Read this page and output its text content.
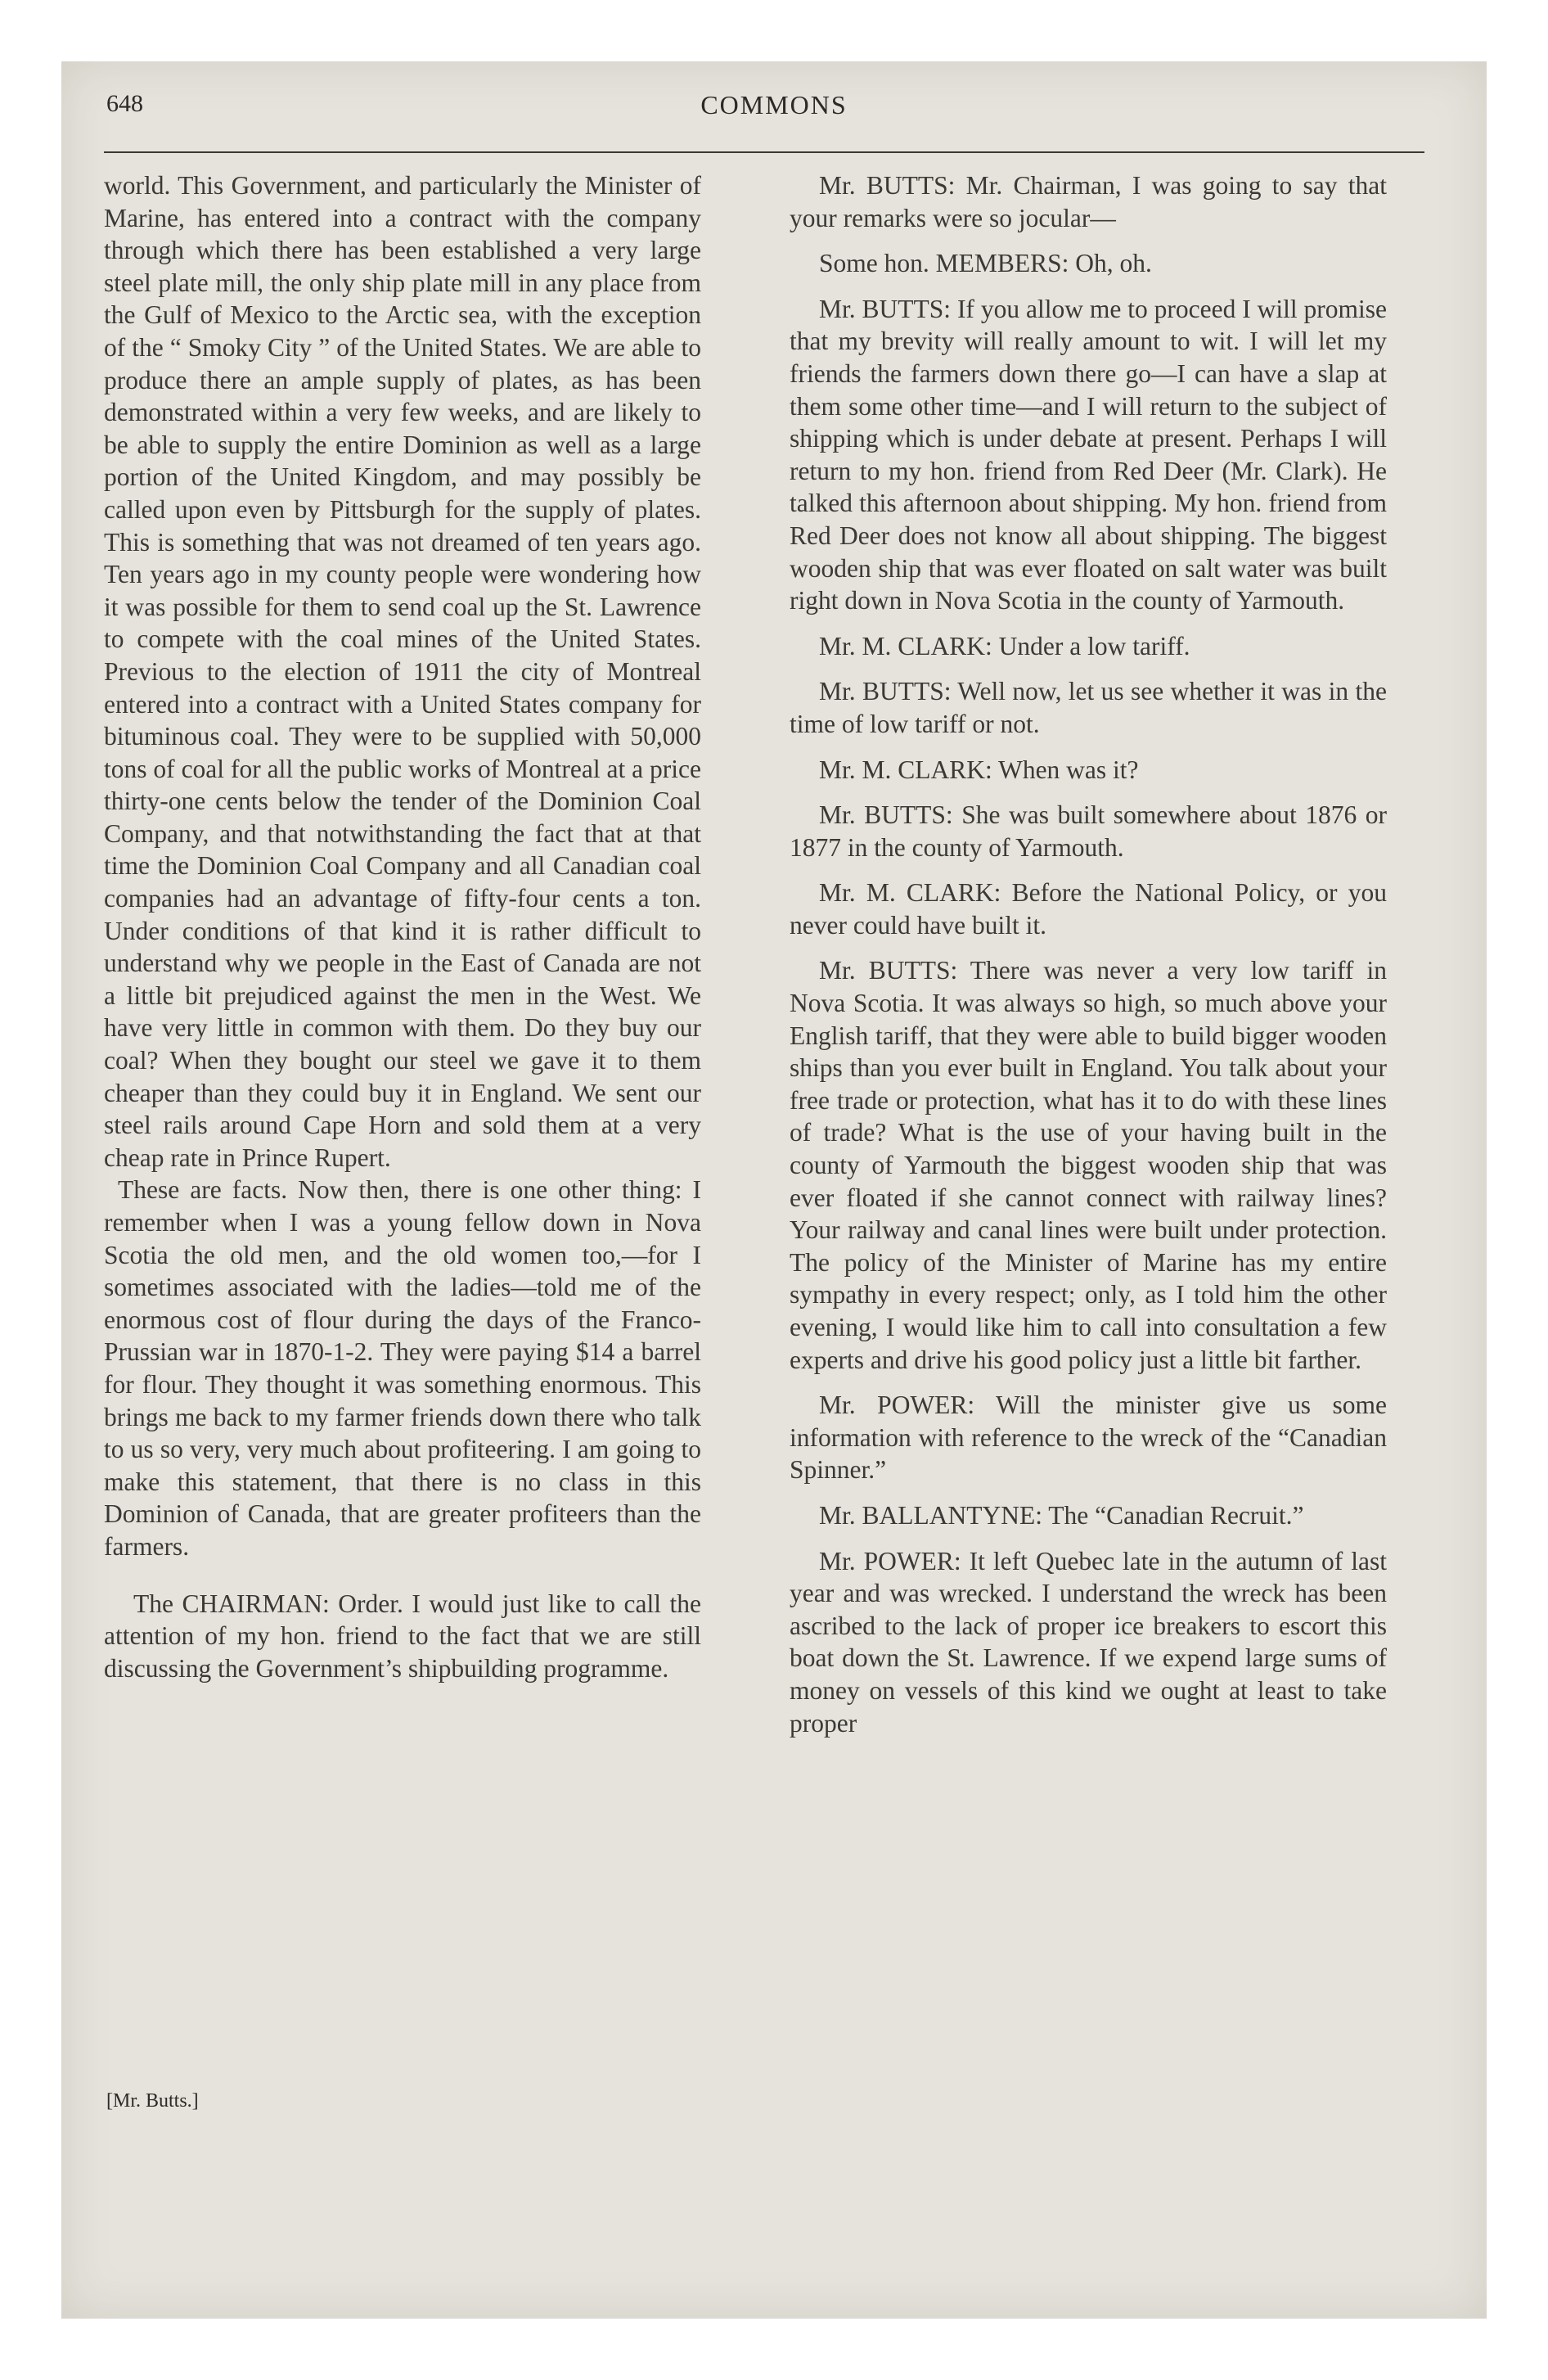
648	COMMONS

world. This Government, and particularly the Minister of Marine, has entered into a contract with the company through which there has been established a very large steel plate mill, the only ship plate mill in any place from the Gulf of Mexico to the Arctic sea, with the exception of the “ Smoky City ” of the United States. We are able to produce there an ample supply of plates, as has been demonstrated within a very few weeks, and are likely to be able to supply the entire Dominion as well as a large portion of the United Kingdom, and may possibly be called upon even by Pittsburgh for the supply of plates. This is something that was not dreamed of ten years ago. Ten years ago in my county people were wondering how it was possible for them to send coal up the St. Lawrence to compete with the coal mines of the United States. Previous to the election of 1911 the city of Montreal entered into a contract with a United States company for bituminous coal. They were to be supplied with 50,000 tons of coal for all the public works of Montreal at a price thirty-one cents below the tender of the Dominion Coal Company, and that notwithstanding the fact that at that time the Dominion Coal Company and all Canadian coal companies had an advantage of fifty-four cents a ton. Under conditions of that kind it is rather difficult to understand why we people in the East of Canada are not a little bit prejudiced against the men in the West. We have very little in common with them. Do they buy our coal? When they bought our steel we gave it to them cheaper than they could buy it in England. We sent our steel rails around Cape Horn and sold them at a very cheap rate in Prince Rupert.

These are facts. Now then, there is one other thing: I remember when I was a young fellow down in Nova Scotia the old men, and the old women too,—for I sometimes associated with the ladies—told me of the enormous cost of flour during the days of the Franco-Prussian war in 1870-1-2. They were paying $14 a barrel for flour. They thought it was something enormous. This brings me back to my farmer friends down there who talk to us so very, very much about profiteering. I am going to make this statement, that there is no class in this Dominion of Canada, that are greater profiteers than the farmers.

The CHAIRMAN: Order. I would just like to call the attention of my hon. friend to the fact that we are still discussing the Government’s shipbuilding programme.

[Mr. Butts.]

Mr. BUTTS: Mr. Chairman, I was going to say that your remarks were so jocular—

Some hon. MEMBERS: Oh, oh.

Mr. BUTTS: If you allow me to proceed I will promise that my brevity will really amount to wit. I will let my friends the farmers down there go—I can have a slap at them some other time—and I will return to the subject of shipping which is under debate at present. Perhaps I will return to my hon. friend from Red Deer (Mr. Clark). He talked this afternoon about shipping. My hon. friend from Red Deer does not know all about shipping. The biggest wooden ship that was ever floated on salt water was built right down in Nova Scotia in the county of Yarmouth.

Mr. M. CLARK: Under a low tariff.

Mr. BUTTS: Well now, let us see whether it was in the time of low tariff or not.

Mr. M. CLARK: When was it?

Mr. BUTTS: She was built somewhere about 1876 or 1877 in the county of Yarmouth.

Mr. M. CLARK: Before the National Policy, or you never could have built it.

Mr. BUTTS: There was never a very low tariff in Nova Scotia. It was always so high, so much above your English tariff, that they were able to build bigger wooden ships than you ever built in England. You talk about your free trade or protection, what has it to do with these lines of trade? What is the use of your having built in the county of Yarmouth the biggest wooden ship that was ever floated if she cannot connect with railway lines? Your railway and canal lines were built under protection. The policy of the Minister of Marine has my entire sympathy in every respect; only, as I told him the other evening, I would like him to call into consultation a few experts and drive his good policy just a little bit farther.

Mr. POWER: Will the minister give us some information with reference to the wreck of the “Canadian Spinner.”

Mr. BALLANTYNE: The “Canadian Recruit.”

Mr. POWER: It left Quebec late in the autumn of last year and was wrecked. I understand the wreck has been ascribed to the lack of proper ice breakers to escort this boat down the St. Lawrence. If we expend large sums of money on vessels of this kind we ought at least to take proper
